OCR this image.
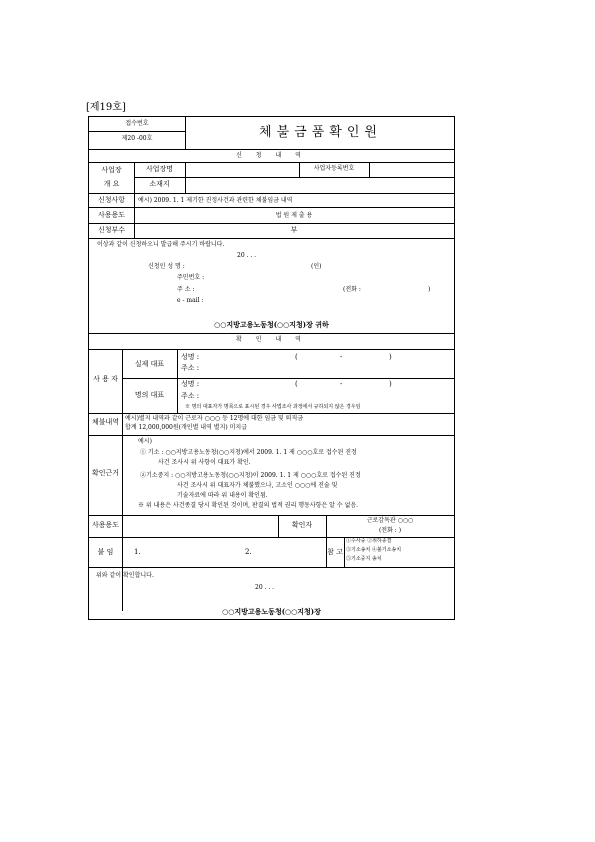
[제19호]
접수번호
제20 -00호	체불금품확인원
신 청 내 역
사업장
개 요
사업장명	사업자등록번호
소재지
신청사항	예시) 2009. 1. 1 제기한 진정사건과 관련한 체불임금 내역
사용용도	법 원 제 출 용
신청부수	부
이상과 같이 신청하오니 발급해 주시기 바랍니다.
20 . . .
신청인 성 명 :	(인)
주민번호 :
주 소 :	(전화 :	)
e - mail :
○○지방고용노동청(○○지청)장 귀하
확 인 내 역
사 용 자
실제 대표
성명 :	(	-	)
주소 :
명의 대표
성명 :	(	-	)
주소 :
※ 명의 대표자가 명목으로 표시된 경우 사법조사 과정에서 규하되지 않은 경우임
체불내역 예시)별지 내역과 같이 근로자 ○○○ 등 12명에 대한 임금 및 퇴직금
합계 12,000,000원(개인별 내역 별지) 미지급
확인근거
예시)
① 기소 : ○○지방고용노동청(○○지청)에서 2009. 1. 1 제 ○○○호로 접수된 진정
사건 조사시 위 사항이 대표가 확인.
②기소중지 : ○○지방고용노동청(○○지청)이 2009. 1. 1 제 ○○○호로 접수된 진정
사건 조사시 위 대표자가 체불했으나, 고소인 ○○○에 진술 및
기술자료에 따라 위 내용이 확인됨.
※ 위 내용은 사건종결 당시 확인된 것이며, 판결의 법적 권리 행동사항은 알 수 없음.
사용용도	확인자
근로감독관 ○○○
(전화 : )
붙 임	1.	2.	참 고
①수사중 ②취하종결
③기소송치 ④불기소송치
⑤기소중지 송치
위와 같이 확인합니다.
20 . . .
○○지방고용노동청(○○지청)장
